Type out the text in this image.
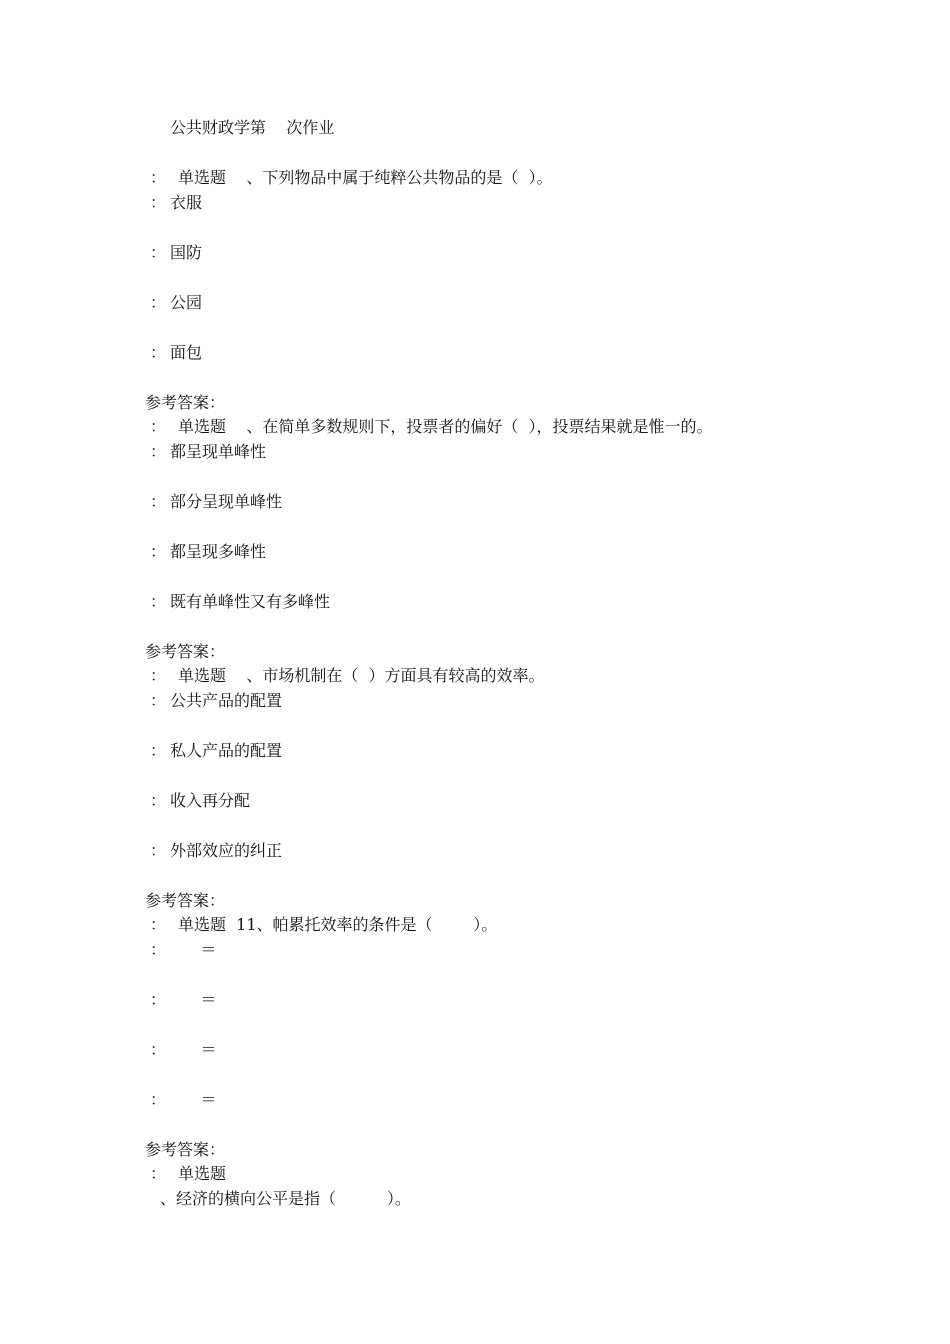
公共财政学第    次作业
： 单选题    、下列物品中属于纯粹公共物品的是（  ）。
： 衣服
： 国防
： 公园
： 面包
参考答案：
： 单选题    、在简单多数规则下，投票者的偏好（  ），投票结果就是惟一的。
： 都呈现单峰性
： 部分呈现单峰性
： 都呈现多峰性
： 既有单峰性又有多峰性
参考答案：
： 单选题    、市场机制在（  ）方面具有较高的效率。
： 公共产品的配置
： 私人产品的配置
： 收入再分配
： 外部效应的纠正
参考答案：
： 单选题  11、帕累托效率的条件是（        ）。
：      ＝
：      ＝
：      ＝
：      ＝
参考答案：
： 单选题
、经济的横向公平是指（          ）。
